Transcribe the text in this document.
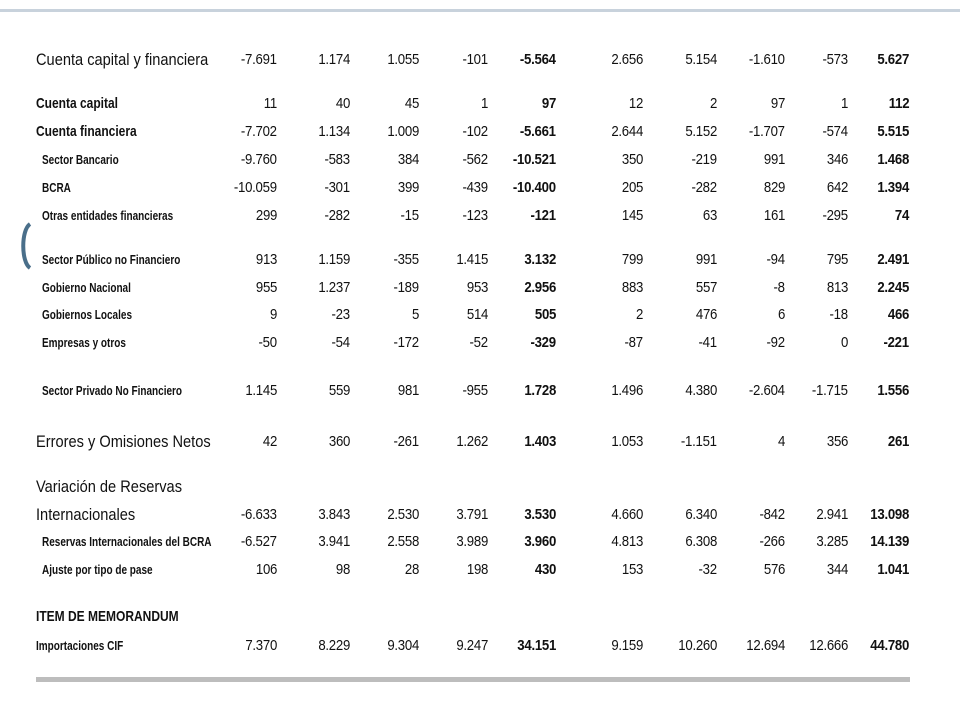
Cuenta capital y financiera -7.691	1.174 1.055	-101 -5.564	2.656	5.154 -1.610	-573 5.627
Cuenta capital	11	40	45	1	97	12	2	97	1	112
Cuenta financiera	-7.702	1.134 1.009	-102 -5.661	2.644	5.152 -1.707	-574 5.515
Sector Bancario	-9.760	-583	384	-562 -10.521	350	-219	991	346 1.468
BCRA	-10.059	-301	399	-439 -10.400	205	-282	829	642 1.394
Otras entidades financieras	299	-282	-15	-123	-121	145	63	161	-295	74
Sector Público no Financiero	913	1.159	-355 1.415 3.132	799	991	-94	795 2.491
Gobierno Nacional	955	1.237	-189	953 2.956	883	557	-8	813 2.245
Gobiernos Locales	9	-23	5	514	505	2	476	6	-18	466
Empresas y otros	-50	-54	-172	-52	-329	-87	-41	-92	0 -221
Sector Privado No Financiero	1.145	559	981	-955 1.728	1.496	4.380 -2.604 -1.715 1.556
Errores y Omisiones Netos	42	360	-261 1.262 1.403	1.053	-1.151	4	356	261
Variación de Reservas
Internacionales	-6.633	3.843 2.530 3.791 3.530	4.660	6.340	-842 2.941 13.098
Reservas Internacionales del BCRA -6.527	3.941 2.558 3.989 3.960	4.813	6.308	-266 3.285 14.139
Ajuste por tipo de pase	106	98	28	198	430	153	-32	576	344 1.041
ITEM DE MEMORANDUM
Importaciones CIF	7.370	8.229 9.304 9.247 34.151	9.159 10.260 12.694 12.666 44.780
